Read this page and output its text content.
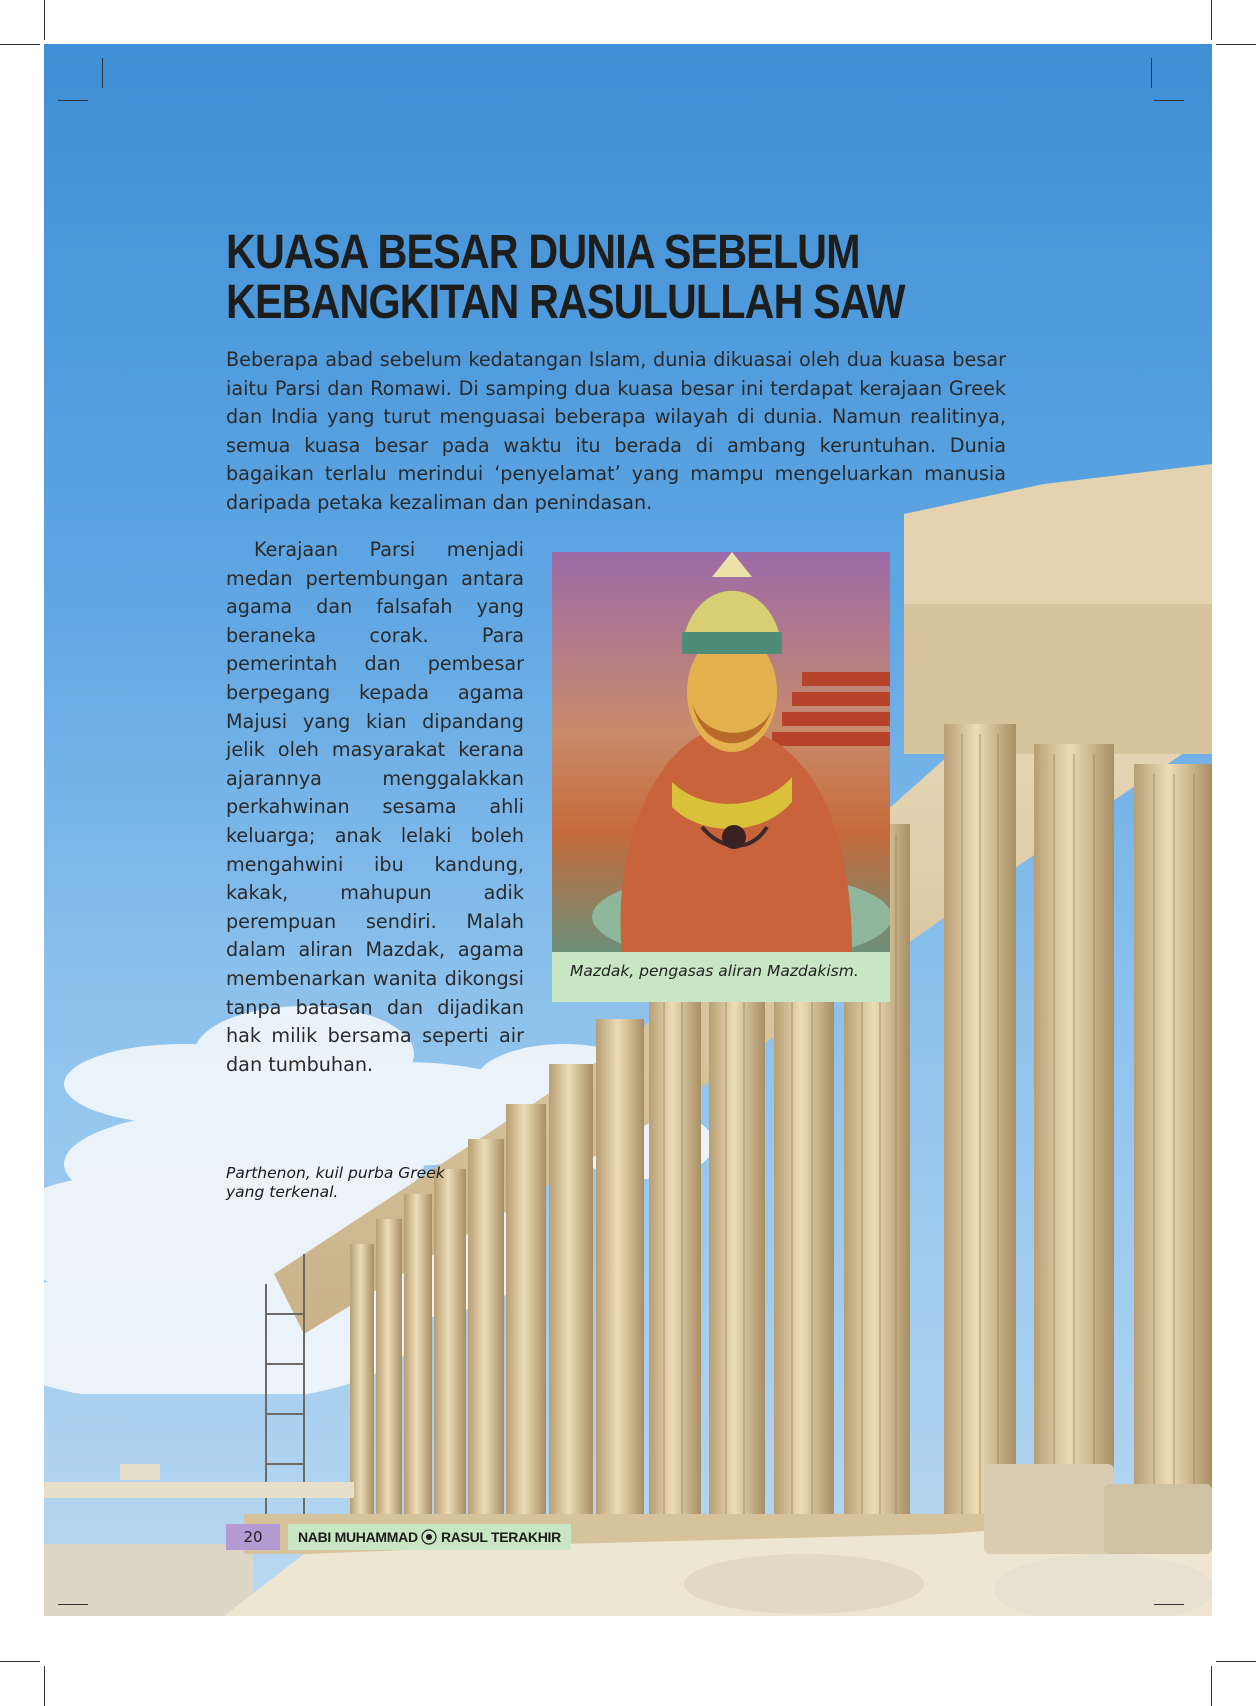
KUASA BESAR DUNIA SEBELUM
KEBANGKITAN RASULULLAH SAW

Beberapa abad sebelum kedatangan Islam, dunia dikuasai oleh dua kuasa besar iaitu Parsi dan Romawi. Di samping dua kuasa besar ini terdapat kerajaan Greek dan India yang turut menguasai beberapa wilayah di dunia. Namun realitinya, semua kuasa besar pada waktu itu berada di ambang keruntuhan. Dunia bagaikan terlalu merindui ‘penyelamat’ yang mampu mengeluarkan manusia daripada petaka kezaliman dan penindasan.

Kerajaan Parsi menjadi medan pertembungan antara agama dan falsafah yang beraneka corak. Para pemerintah dan pembesar berpegang kepada agama Majusi yang kian dipandang jelik oleh masyarakat kerana ajarannya menggalakkan perkahwinan sesama ahli keluarga; anak lelaki boleh mengahwini ibu kandung, kakak, mahupun adik perempuan sendiri. Malah dalam aliran Mazdak, agama membenarkan wanita dikongsi tanpa batasan dan dijadikan hak milik bersama seperti air dan tumbuhan.

Mazdak, pengasas aliran Mazdakism.

Parthenon, kuil purba Greek yang terkenal.

20	NABI MUHAMMAD RASUL TERAKHIR
